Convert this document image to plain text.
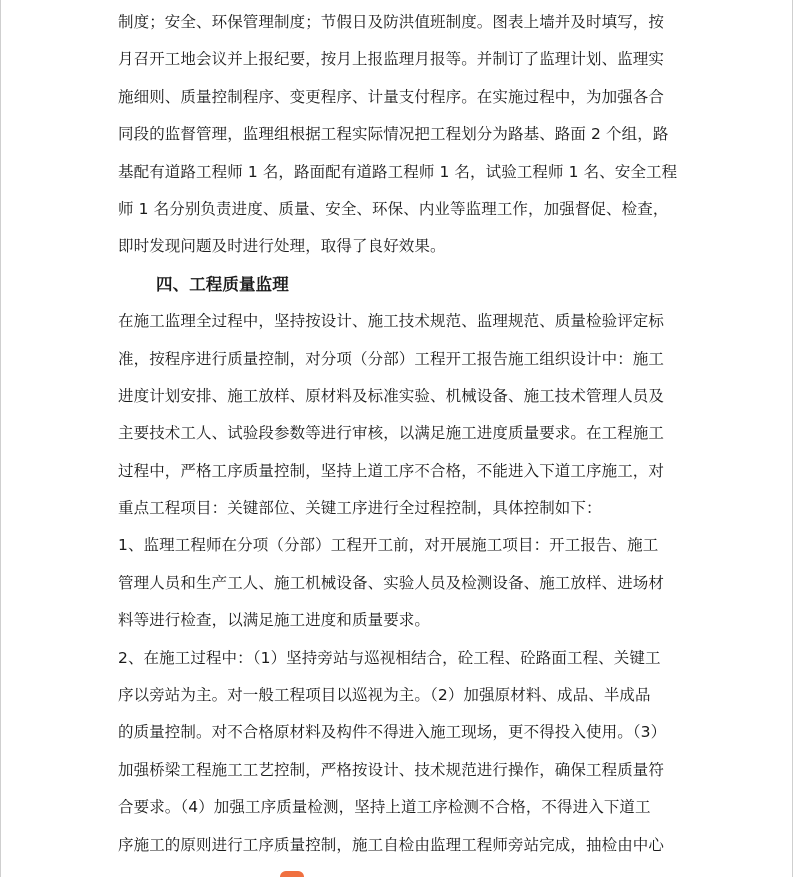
制度；安全、环保管理制度；节假日及防洪值班制度。图表上墙并及时填写，按
月召开工地会议并上报纪要，按月上报监理月报等。并制订了监理计划、监理实
施细则、质量控制程序、变更程序、计量支付程序。在实施过程中，为加强各合
同段的监督管理，监理组根据工程实际情况把工程划分为路基、路面 2 个组，路
基配有道路工程师 1 名，路面配有道路工程师 1 名，试验工程师 1 名、安全工程
师 1 名分别负责进度、质量、安全、环保、内业等监理工作，加强督促、检查，
即时发现问题及时进行处理，取得了良好效果。
四、工程质量监理
在施工监理全过程中，坚持按设计、施工技术规范、监理规范、质量检验评定标
准，按程序进行质量控制，对分项（分部）工程开工报告施工组织设计中：施工
进度计划安排、施工放样、原材料及标准实验、机械设备、施工技术管理人员及
主要技术工人、试验段参数等进行审核，以满足施工进度质量要求。在工程施工
过程中，严格工序质量控制，坚持上道工序不合格，不能进入下道工序施工，对
重点工程项目：关键部位、关键工序进行全过程控制，具体控制如下：
1、监理工程师在分项（分部）工程开工前，对开展施工项目：开工报告、施工
管理人员和生产工人、施工机械设备、实验人员及检测设备、施工放样、进场材
料等进行检查，以满足施工进度和质量要求。
2、在施工过程中：（1）坚持旁站与巡视相结合，砼工程、砼路面工程、关键工
序以旁站为主。对一般工程项目以巡视为主。（2）加强原材料、成品、半成品
的质量控制。对不合格原材料及构件不得进入施工现场，更不得投入使用。（3）
加强桥梁工程施工工艺控制，严格按设计、技术规范进行操作，确保工程质量符
合要求。（4）加强工序质量检测，坚持上道工序检测不合格，不得进入下道工
序施工的原则进行工序质量控制，施工自检由监理工程师旁站完成，抽检由中心
